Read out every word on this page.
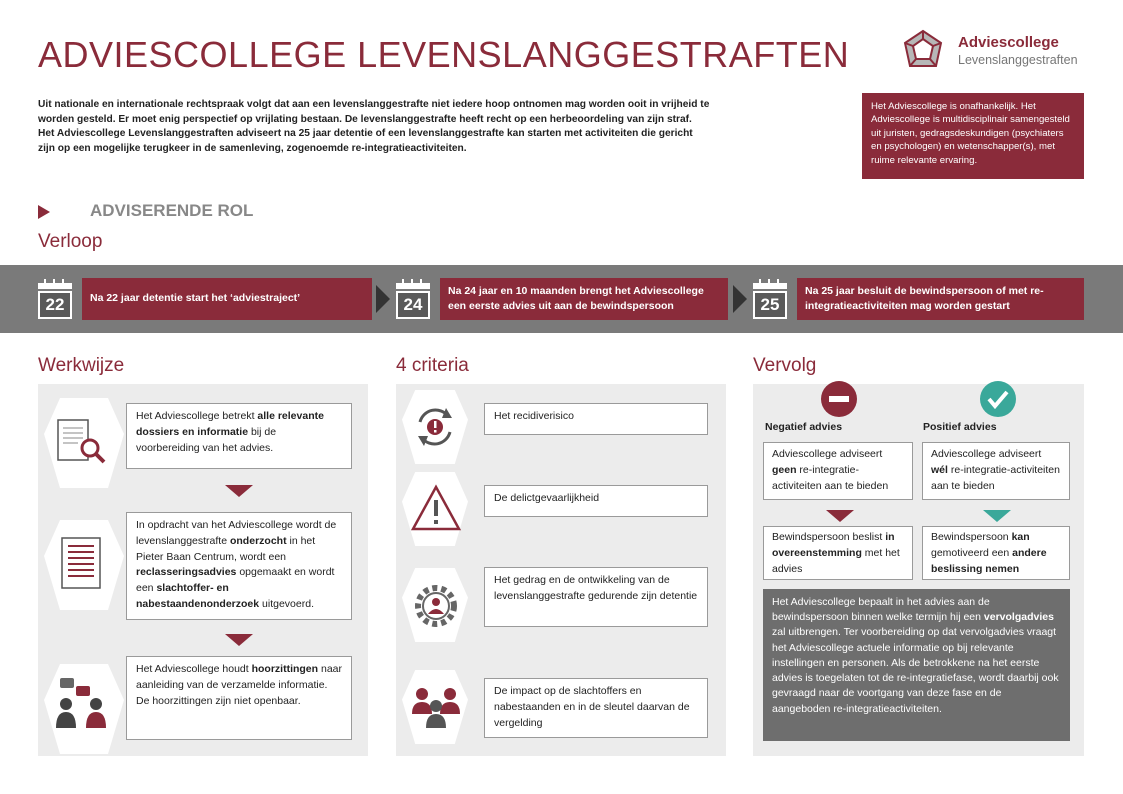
ADVIESCOLLEGE LEVENSLANGGESTRAFTEN	Adviescollege
Levenslanggestraften
Uit nationale en internationale rechtspraak volgt dat aan een levenslanggestrafte niet iedere hoop ontnomen mag worden ooit in vrijheid te worden gesteld. Er moet enig perspectief op vrijlating bestaan. De levenslanggestrafte heeft recht op een herbeoordeling van zijn straf. Het Adviescollege Levenslanggestraften adviseert na 25 jaar detentie of een levenslanggestrafte kan starten met activiteiten die gericht zijn op een mogelijke terugkeer in de samenleving, zogenoemde re-integratieactiviteiten.
Het Adviescollege is onafhankelijk. Het Adviescollege is multidisciplinair samengesteld uit juristen, gedragsdeskundigen (psychiaters en psychologen) en wetenschapper(s), met ruime relevante ervaring.
ADVISERENDE ROL
Verloop
22	Na 22 jaar detentie start het ‘adviestraject’	24
Na 24 jaar en 10 maanden brengt het Adviescollege een eerste advies uit aan de bewindspersoon	25
Na 25 jaar besluit de bewindspersoon of met re-integratieactiviteiten mag worden gestart
Werkwijze	4 criteria	Vervolg
Het Adviescollege betrekt alle relevante dossiers en informatie bij de voorbereiding van het advies.
In opdracht van het Adviescollege wordt de levenslanggestrafte onderzocht in het Pieter Baan Centrum, wordt een reclasseringsadvies opgemaakt en wordt een slachtoffer- en nabestaandenonderzoek uitgevoerd.
Het Adviescollege houdt hoorzittingen naar aanleiding van de verzamelde informatie. De hoorzittingen zijn niet openbaar.
Het recidiverisico
De delictgevaarlijkheid
Het gedrag en de ontwikkeling van de levenslanggestrafte gedurende zijn detentie
De impact op de slachtoffers en nabestaanden en in de sleutel daarvan de vergelding
Negatief advies	Positief advies
Adviescollege adviseert geen re-integratie-activiteiten aan te bieden
Adviescollege adviseert wél re-integratie-activiteiten aan te bieden
Bewindspersoon beslist in overeenstemming met het advies
Bewindspersoon kan gemotiveerd een andere beslissing nemen
Het Adviescollege bepaalt in het advies aan de bewindspersoon binnen welke termijn hij een vervolgadvies zal uitbrengen. Ter voorbereiding op dat vervolgadvies vraagt het Adviescollege actuele informatie op bij relevante instellingen en personen. Als de betrokkene na het eerste advies is toegelaten tot de re-integratiefase, wordt daarbij ook gevraagd naar de voortgang van deze fase en de aangeboden re-integratieactiviteiten.
